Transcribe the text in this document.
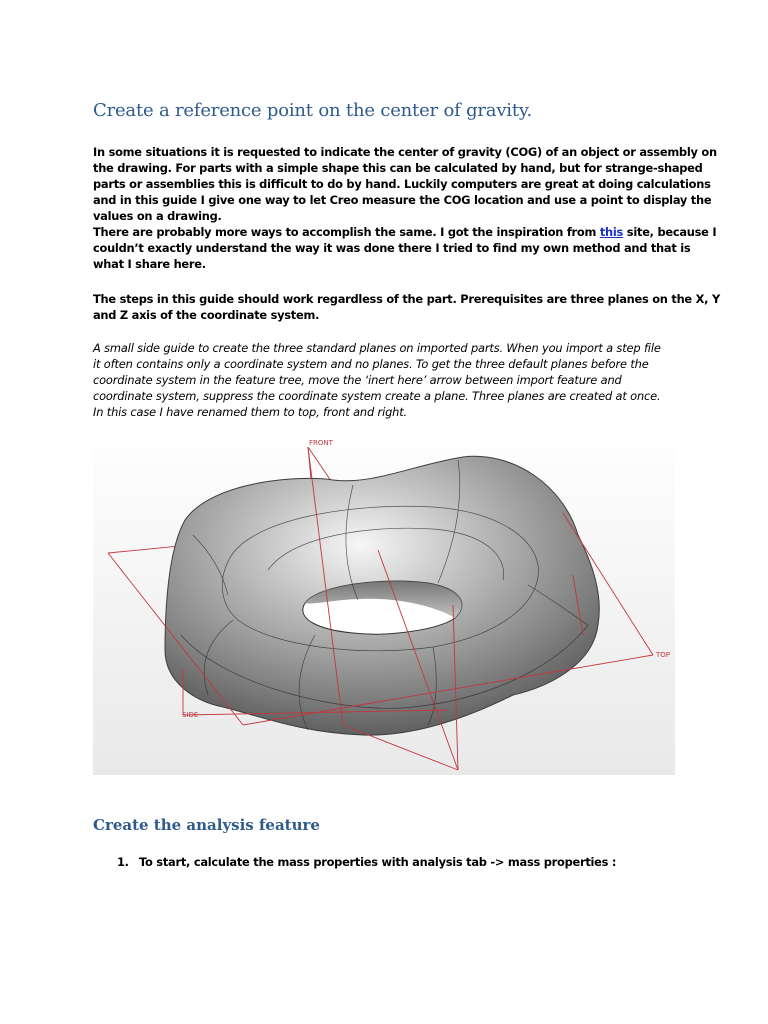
Create a reference point on the center of gravity.
In some situations it is requested to indicate the center of gravity (COG) of an object or assembly on
the drawing. For parts with a simple shape this can be calculated by hand, but for strange-shaped
parts or assemblies this is difficult to do by hand. Luckily computers are great at doing calculations
and in this guide I give one way to let Creo measure the COG location and use a point to display the
values on a drawing.
There are probably more ways to accomplish the same. I got the inspiration from this site, because I
couldn’t exactly understand the way it was done there I tried to find my own method and that is
what I share here.
The steps in this guide should work regardless of the part. Prerequisites are three planes on the X, Y
and Z axis of the coordinate system.
A small side guide to create the three standard planes on imported parts. When you import a step file
it often contains only a coordinate system and no planes. To get the three default planes before the
coordinate system in the feature tree, move the ‘inert here’ arrow between import feature and
coordinate system, suppress the coordinate system create a plane. Three planes are created at once.
In this case I have renamed them to top, front and right.
FRONT
TOP
SIDE
Create the analysis feature
1. To start, calculate the mass properties with analysis tab -> mass properties :
